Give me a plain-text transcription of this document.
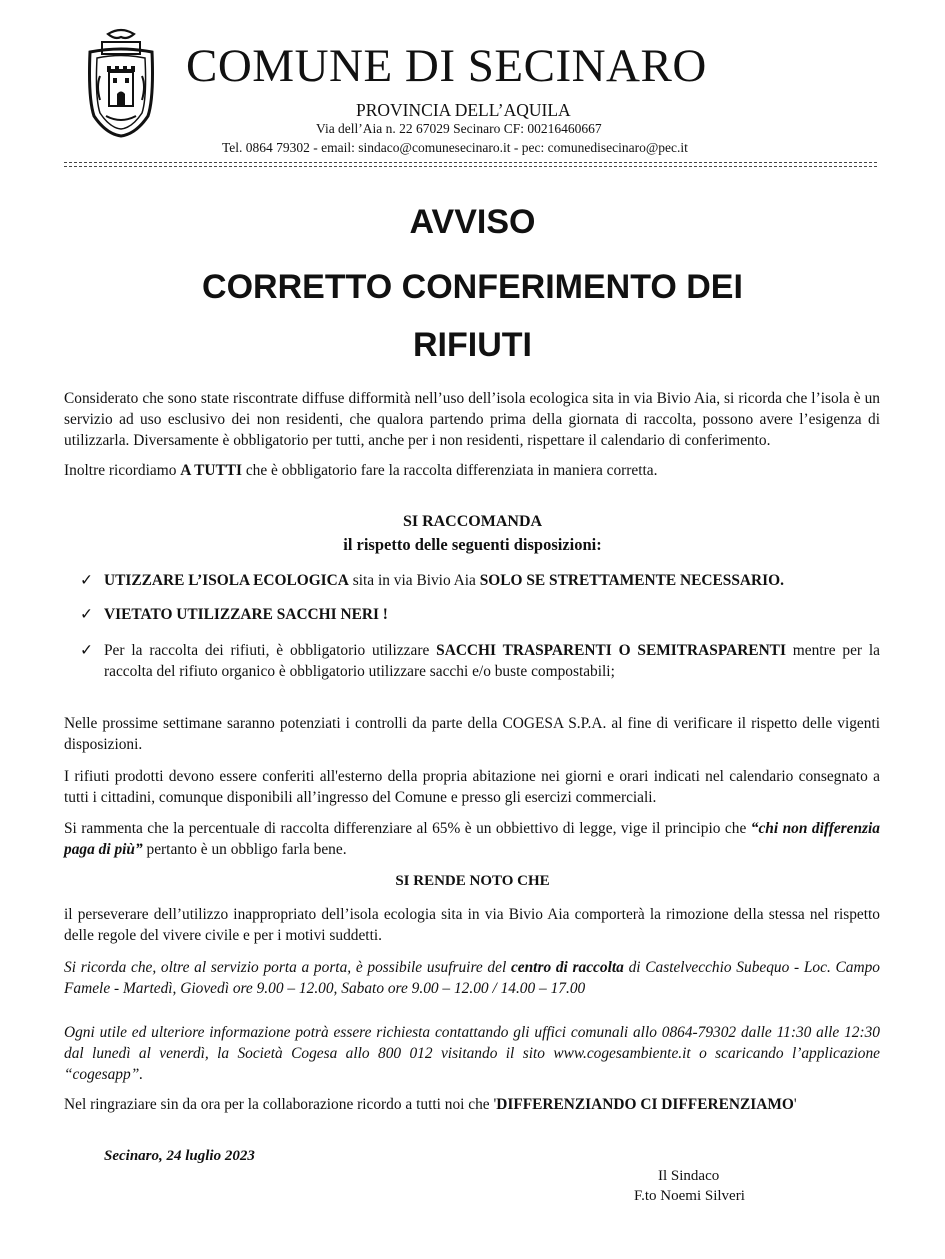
COMUNE DI SECINARO
PROVINCIA DELL’AQUILA
Via dell’Aia n. 22 67029 Secinaro CF: 00216460667
Tel. 0864 79302 - email: sindaco@comunesecinaro.it - pec: comunedisecinaro@pec.it
AVVISO
CORRETTO CONFERIMENTO DEI
RIFIUTI
Considerato che sono state riscontrate diffuse difformità nell’uso dell’isola ecologica sita in via Bivio Aia, si ricorda che l’isola è un servizio ad uso esclusivo dei non residenti, che qualora partendo prima della giornata di raccolta, possono avere l’esigenza di utilizzarla. Diversamente è obbligatorio per tutti, anche per i non residenti, rispettare il calendario di conferimento.
Inoltre ricordiamo A TUTTI che è obbligatorio fare la raccolta differenziata in maniera corretta.
SI RACCOMANDA
il rispetto delle seguenti disposizioni:
✓ UTIZZARE L’ISOLA ECOLOGICA sita in via Bivio Aia SOLO SE STRETTAMENTE NECESSARIO.
✓ VIETATO UTILIZZARE SACCHI NERI !
✓ Per la raccolta dei rifiuti, è obbligatorio utilizzare SACCHI TRASPARENTI O SEMITRASPARENTI mentre per la raccolta del rifiuto organico è obbligatorio utilizzare sacchi e/o buste compostabili;
Nelle prossime settimane saranno potenziati i controlli da parte della COGESA S.P.A. al fine di verificare il rispetto delle vigenti disposizioni.
I rifiuti prodotti devono essere conferiti all'esterno della propria abitazione nei giorni e orari indicati nel calendario consegnato a tutti i cittadini, comunque disponibili all’ingresso del Comune e presso gli esercizi commerciali.
Si rammenta che la percentuale di raccolta differenziare al 65% è un obbiettivo di legge, vige il principio che “chi non differenzia paga di più” pertanto è un obbligo farla bene.
SI RENDE NOTO CHE
il perseverare dell’utilizzo inappropriato dell’isola ecologia sita in via Bivio Aia comporterà la rimozione della stessa nel rispetto delle regole del vivere civile e per i motivi suddetti.
Si ricorda che, oltre al servizio porta a porta, è possibile usufruire del centro di raccolta di Castelvecchio Subequo - Loc. Campo Famele - Martedì, Giovedì ore 9.00 – 12.00, Sabato ore 9.00 – 12.00 / 14.00 – 17.00
Ogni utile ed ulteriore informazione potrà essere richiesta contattando gli uffici comunali allo 0864-79302 dalle 11:30 alle 12:30 dal lunedì al venerdì, la Società Cogesa allo 800 012 visitando il sito www.cogesambiente.it o scaricando l’applicazione “cogesapp”.
Nel ringraziare sin da ora per la collaborazione ricordo a tutti noi che 'DIFFERENZIANDO CI DIFFERENZIAMO'
Secinaro, 24 luglio 2023
Il Sindaco
F.to Noemi Silveri
